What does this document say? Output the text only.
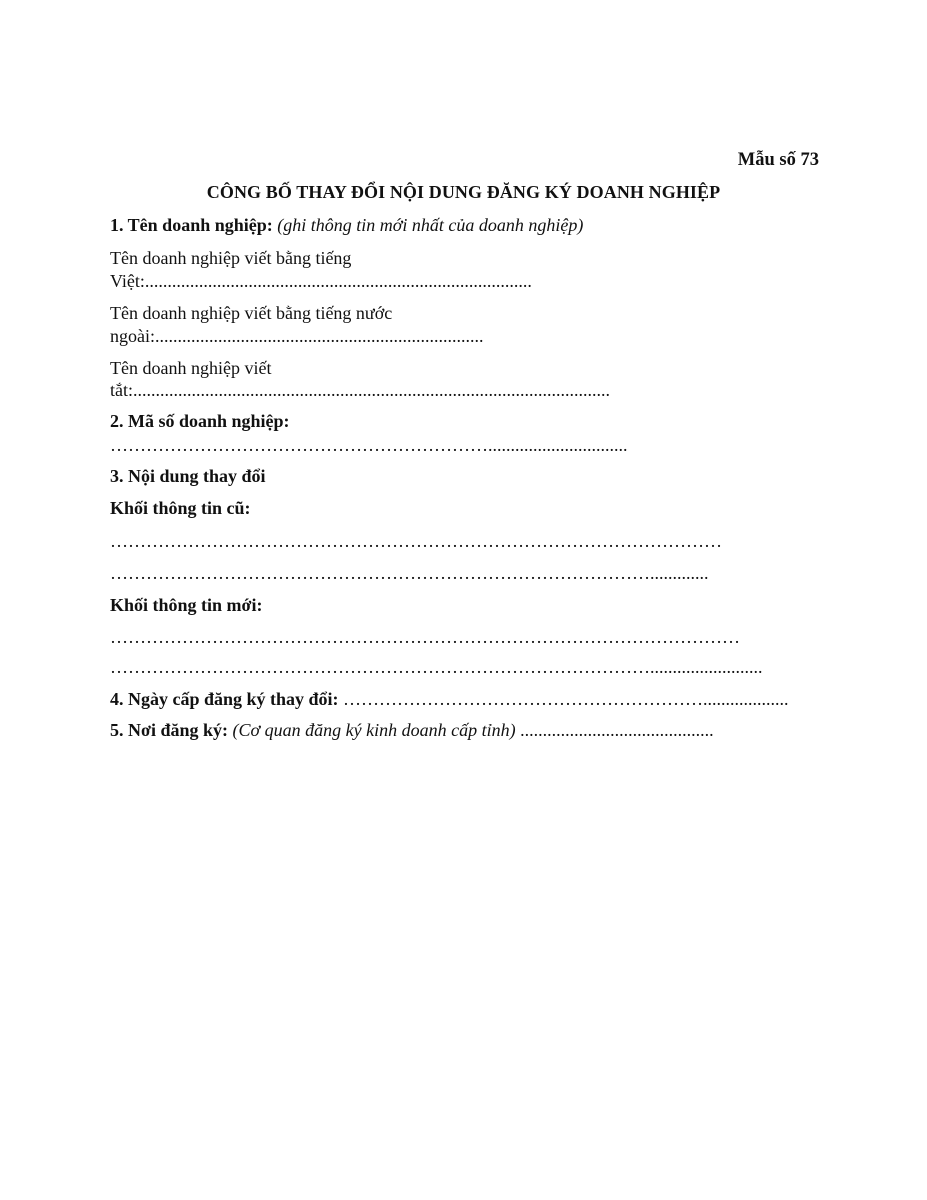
Mẫu số 73
CÔNG BỐ THAY ĐỔI NỘI DUNG ĐĂNG KÝ DOANH NGHIỆP
1. Tên doanh nghiệp: (ghi thông tin mới nhất của doanh nghiệp)
Tên doanh nghiệp viết bằng tiếng
Việt:......................................................................................
Tên doanh nghiệp viết bằng tiếng nước
ngoài:.........................................................................
Tên doanh nghiệp viết
tắt:..........................................................................................................
2. Mã số doanh nghiệp:
………………………………………………………...............................
3. Nội dung thay đổi
Khối thông tin cũ:
…………………………………………………………………………………………
……………………………………………………………………………….............
Khối thông tin mới:
……………………………………………………………………………………………
……………………………………………………………………………….........................
4. Ngày cấp đăng ký thay đổi: ……………………………………………………...................
5. Nơi đăng ký: (Cơ quan đăng ký kinh doanh cấp tỉnh) ...........................................
